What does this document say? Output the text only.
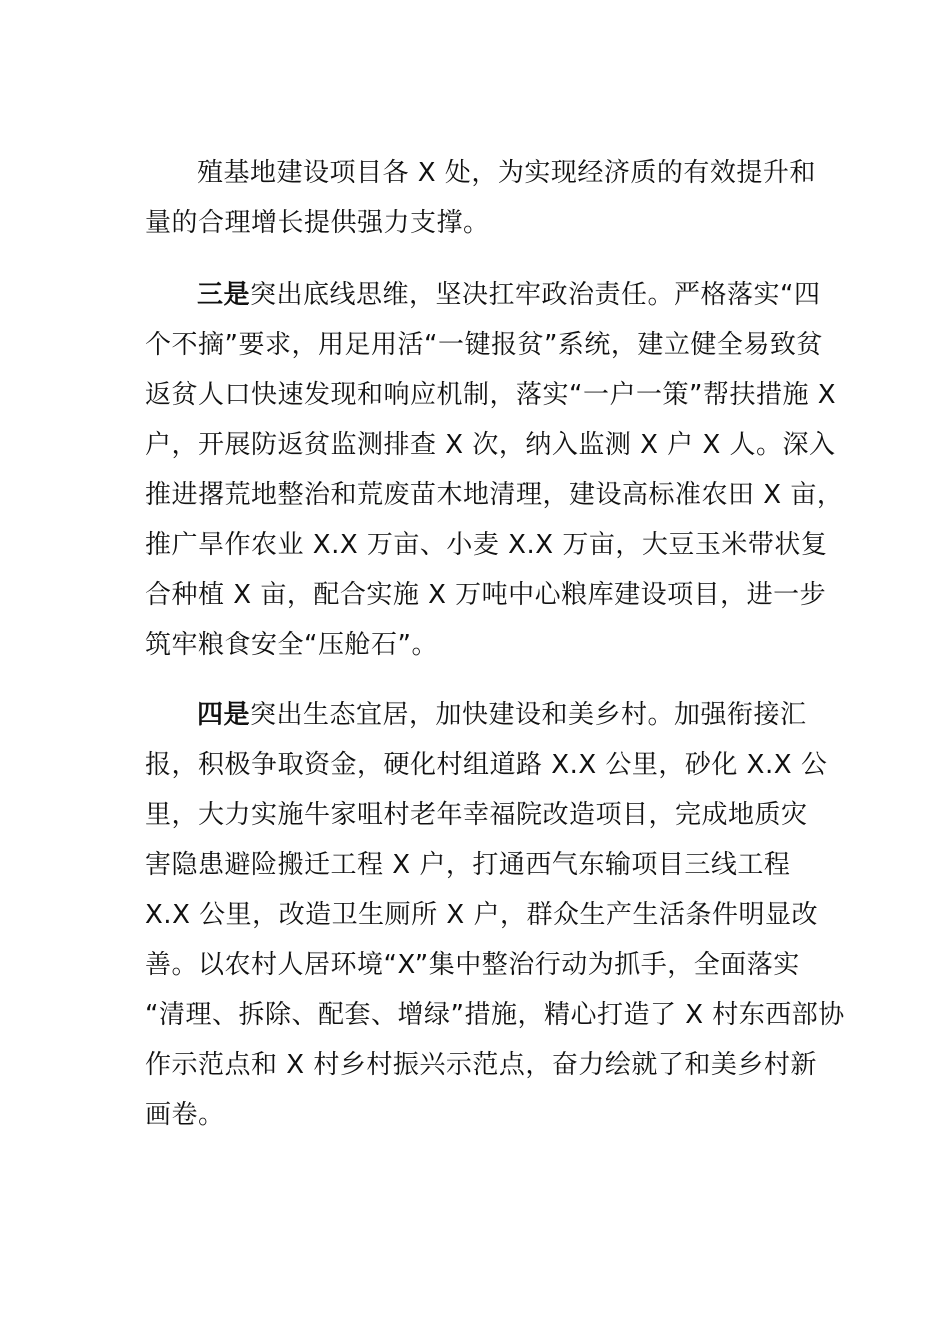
殖基地建设项目各 X 处，为实现经济质的有效提升和
量的合理增长提供强力支撑。
三是突出底线思维，坚决扛牢政治责任。严格落实“四
个不摘”要求，用足用活“一键报贫”系统，建立健全易致贫
返贫人口快速发现和响应机制，落实“一户一策”帮扶措施 X
户，开展防返贫监测排查 X 次，纳入监测 X 户 X 人。深入
推进撂荒地整治和荒废苗木地清理，建设高标准农田 X 亩，
推广旱作农业 X.X 万亩、小麦 X.X 万亩，大豆玉米带状复
合种植 X 亩，配合实施 X 万吨中心粮库建设项目，进一步
筑牢粮食安全“压舱石”。
四是突出生态宜居，加快建设和美乡村。加强衔接汇
报，积极争取资金，硬化村组道路 X.X 公里，砂化 X.X 公
里，大力实施牛家咀村老年幸福院改造项目，完成地质灾
害隐患避险搬迁工程 X 户，打通西气东输项目三线工程
X.X 公里，改造卫生厕所 X 户，群众生产生活条件明显改
善。以农村人居环境“X”集中整治行动为抓手，全面落实
“清理、拆除、配套、增绿”措施，精心打造了 X 村东西部协
作示范点和 X 村乡村振兴示范点，奋力绘就了和美乡村新
画卷。
